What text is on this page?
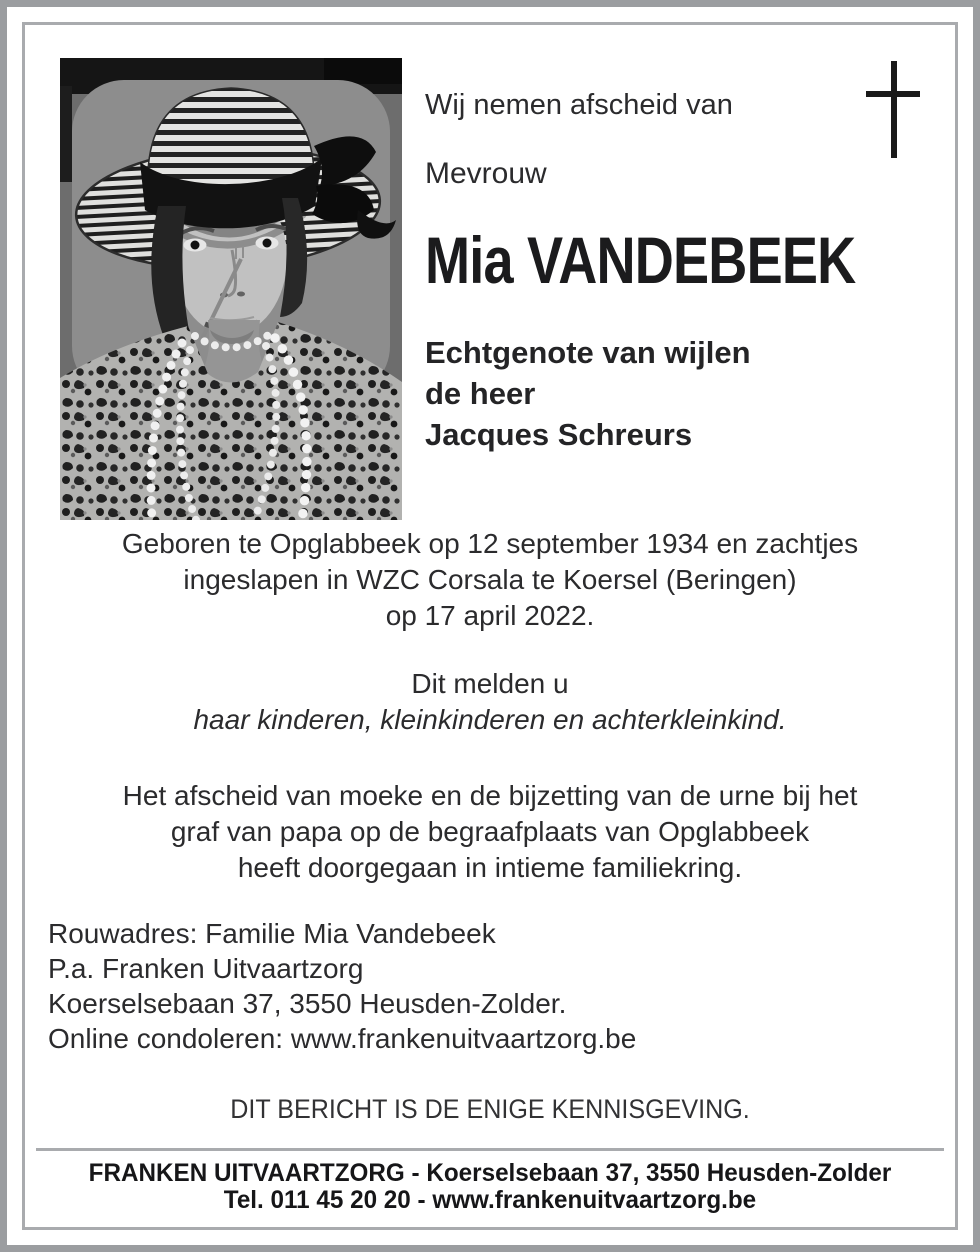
Wij nemen afscheid van
Mevrouw
Mia VANDEBEEK
Echtgenote van wijlen
de heer
Jacques Schreurs
Geboren te Opglabbeek op 12 september 1934 en zachtjes
ingeslapen in WZC Corsala te Koersel (Beringen)
op 17 april 2022.
Dit melden u
haar kinderen, kleinkinderen en achterkleinkind.
Het afscheid van moeke en de bijzetting van de urne bij het
graf van papa op de begraafplaats van Opglabbeek
heeft doorgegaan in intieme familiekring.
Rouwadres: Familie Mia Vandebeek
P.a. Franken Uitvaartzorg
Koerselsebaan 37, 3550 Heusden-Zolder.
Online condoleren: www.frankenuitvaartzorg.be
DIT BERICHT IS DE ENIGE KENNISGEVING.
FRANKEN UITVAARTZORG - Koerselsebaan 37, 3550 Heusden-Zolder
Tel. 011 45 20 20 - www.frankenuitvaartzorg.be
